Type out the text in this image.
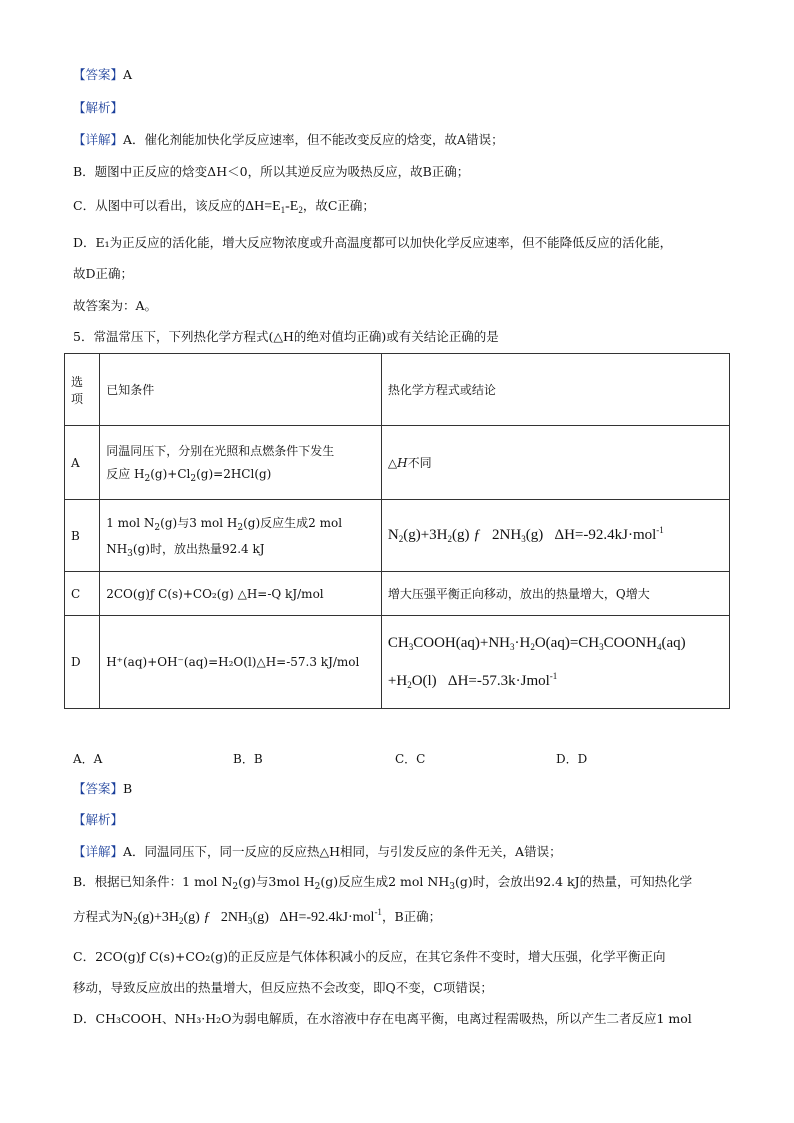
【答案】A
【解析】
【详解】A．催化剂能加快化学反应速率，但不能改变反应的焓变，故A错误；
B．题图中正反应的焓变ΔH＜0，所以其逆反应为吸热反应，故B正确；
C．从图中可以看出，该反应的$\Delta H=E_1-E_2$，故C正确；
D．E₁为正反应的活化能，增大反应物浓度或升高温度都可以加快化学反应速率，但不能降低反应的活化能，
故D正确；
故答案为：A。
5．常温常压下，下列热化学方程式(△H的绝对值均正确)或有关结论正确的是
选项	已知条件	热化学方程式或结论
A	同温同压下，分别在光照和点燃条件下发生
反应 $H_2(g)+Cl_2(g)=2HCl(g)$	△H不同
B	1 mol $N_2(g)$与3 mol $H_2(g)$反应生成2 mol
$NH_3(g)$时，放出热量92.4 kJ	$N_2(g)+3H_2(g)$ ƒ   $2NH_3(g)$   ΔH=-92.4kJ·mol$^{-1}$
C	2CO(g)ƒ C(s)+CO₂(g) △H=-Q kJ/mol	增大压强平衡正向移动，放出的热量增大，Q增大
D	H⁺(aq)+OH⁻(aq)=H₂O(l)△H=-57.3 kJ/mol	$CH_3COOH(aq)+NH_3\cdot H_2O(aq)=CH_3COONH_4(aq)$
$+H_2O(l)$   ΔH=-57.3k·Jmol$^{-1}$
A．A	B．B	C．C	D．D
【答案】B
【解析】
【详解】A．同温同压下，同一反应的反应热△H相同，与引发反应的条件无关，A错误；
B．根据已知条件：1 mol $N_2(g)$与3mol $H_2(g)$反应生成2 mol $NH_3(g)$时，会放出92.4 kJ的热量，可知热化学
方程式为$N_2(g)+3H_2(g)$ ƒ   $2NH_3(g)$   ΔH=-92.4kJ·mol$^{-1}$，B正确；
C．2CO(g)ƒ C(s)+CO₂(g)的正反应是气体体积减小的反应，在其它条件不变时，增大压强，化学平衡正向
移动，导致反应放出的热量增大，但反应热不会改变，即Q不变，C项错误；
D．CH₃COOH、NH₃·H₂O为弱电解质，在水溶液中存在电离平衡，电离过程需吸热，所以产生二者反应1 mol
